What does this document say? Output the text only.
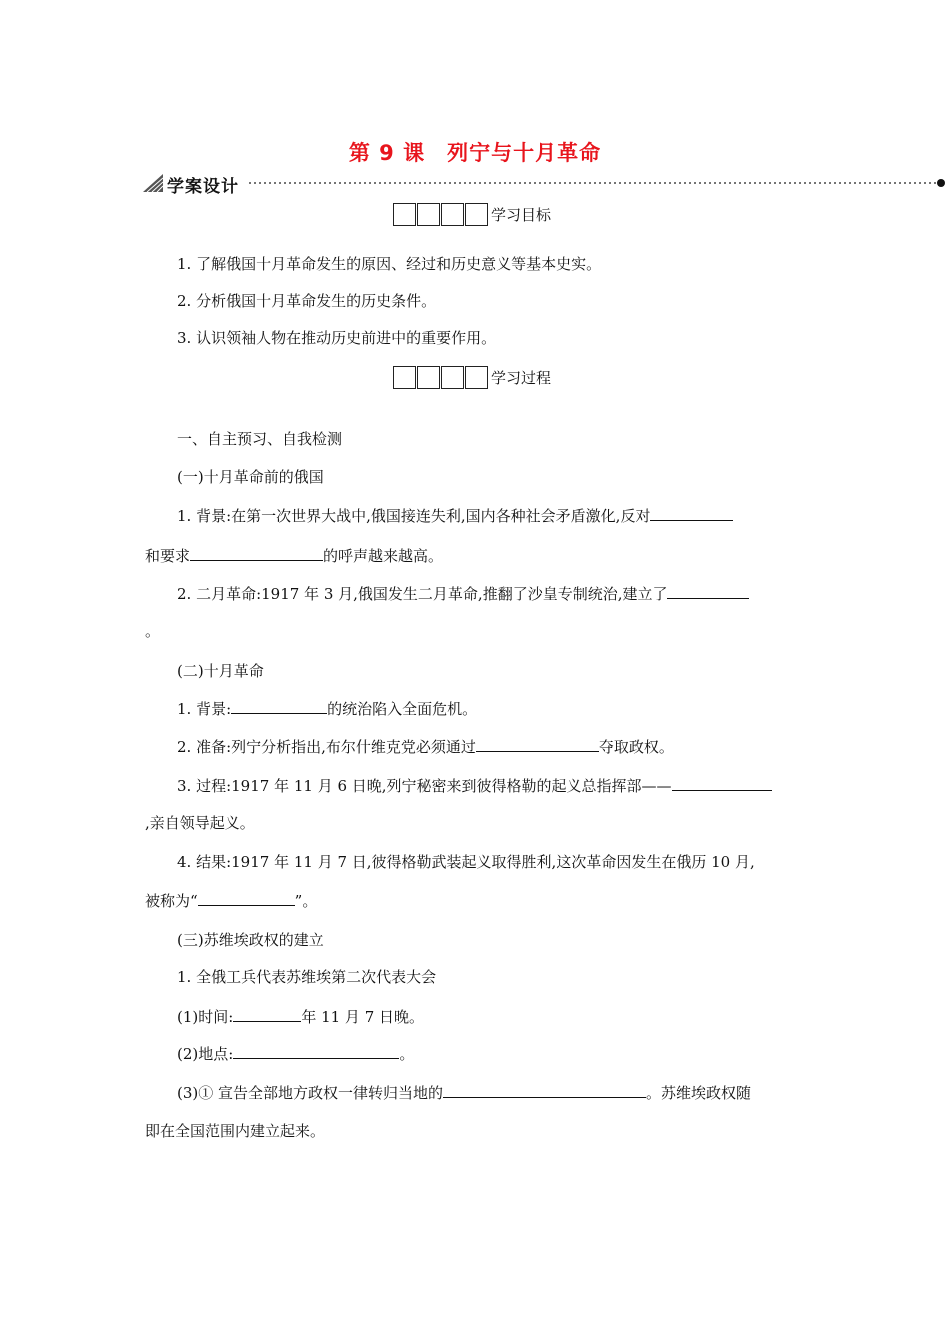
第 9 课　列宁与十月革命
学案设计
学习目标
1. 了解俄国十月革命发生的原因、经过和历史意义等基本史实。
2. 分析俄国十月革命发生的历史条件。
3. 认识领袖人物在推动历史前进中的重要作用。
学习过程
一、自主预习、自我检测
(一)十月革命前的俄国
1. 背景:在第一次世界大战中,俄国接连失利,国内各种社会矛盾激化,反对
和要求	的呼声越来越高。
2. 二月革命:1917 年 3 月,俄国发生二月革命,推翻了沙皇专制统治,建立了
。
(二)十月革命
1. 背景:	的统治陷入全面危机。
2. 准备:列宁分析指出,布尔什维克党必须通过	夺取政权。
3. 过程:1917 年 11 月 6 日晚,列宁秘密来到彼得格勒的起义总指挥部——
,亲自领导起义。
4. 结果:1917 年 11 月 7 日,彼得格勒武装起义取得胜利,这次革命因发生在俄历 10 月,
被称为“	”。
(三)苏维埃政权的建立
1. 全俄工兵代表苏维埃第二次代表大会
(1)时间:	年 11 月 7 日晚。
(2)地点:	。
(3)① 宣告全部地方政权一律转归当地的	。苏维埃政权随
即在全国范围内建立起来。
